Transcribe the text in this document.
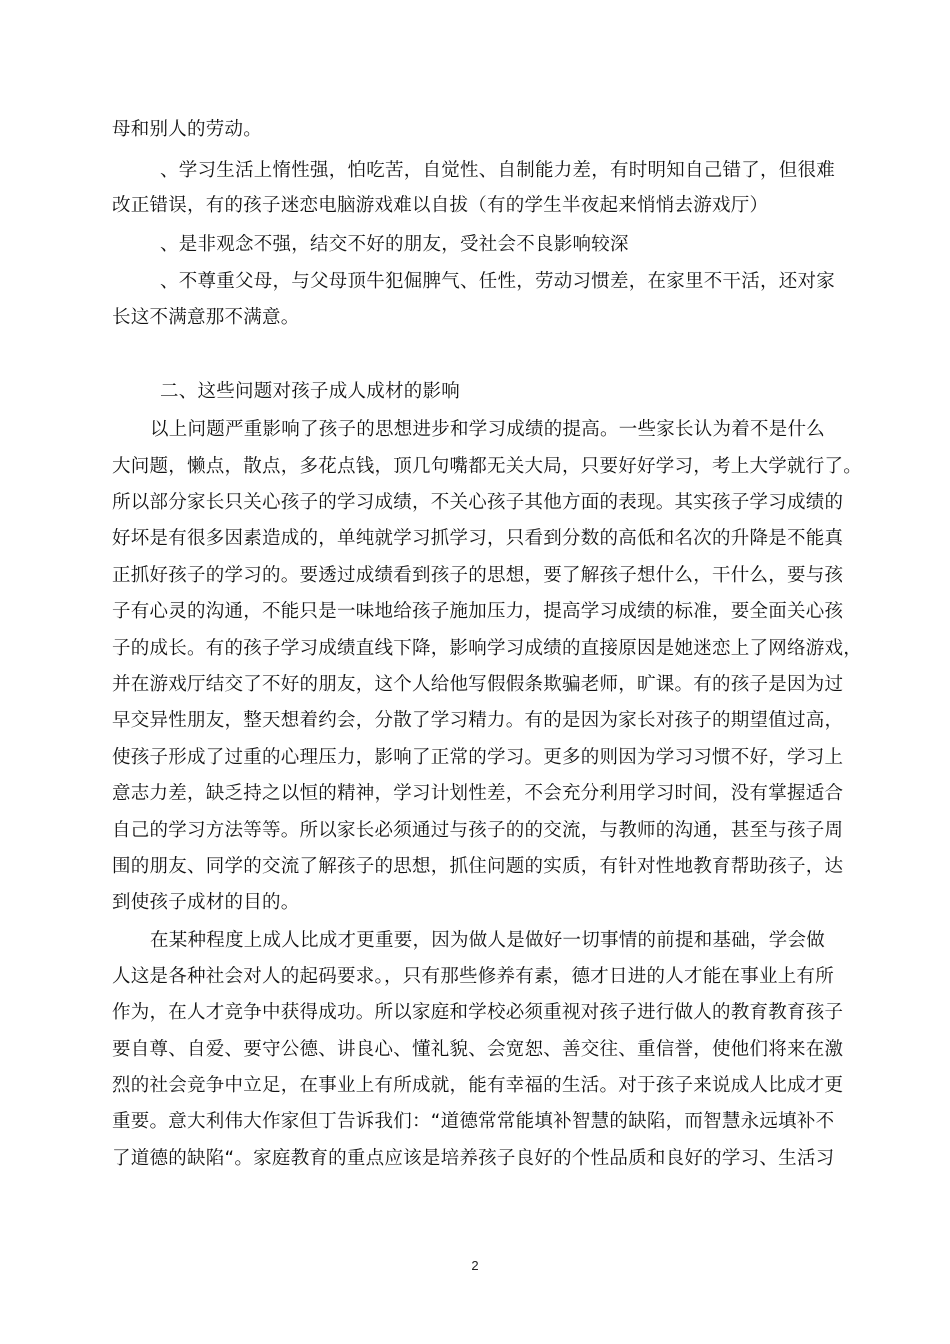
母和别人的劳动。
、学习生活上惰性强，怕吃苦，自觉性、自制能力差，有时明知自己错了，但很难
改正错误，有的孩子迷恋电脑游戏难以自拔（有的学生半夜起来悄悄去游戏厅）
、是非观念不强，结交不好的朋友，受社会不良影响较深
、不尊重父母，与父母顶牛犯倔脾气、任性，劳动习惯差，在家里不干活，还对家
长这不满意那不满意。
二、这些问题对孩子成人成材的影响
以上问题严重影响了孩子的思想进步和学习成绩的提高。一些家长认为着不是什么
大问题，懒点，散点，多花点钱，顶几句嘴都无关大局，只要好好学习，考上大学就行了。
所以部分家长只关心孩子的学习成绩，不关心孩子其他方面的表现。其实孩子学习成绩的
好坏是有很多因素造成的，单纯就学习抓学习，只看到分数的高低和名次的升降是不能真
正抓好孩子的学习的。要透过成绩看到孩子的思想，要了解孩子想什么，干什么，要与孩
子有心灵的沟通，不能只是一味地给孩子施加压力，提高学习成绩的标准，要全面关心孩
子的成长。有的孩子学习成绩直线下降，影响学习成绩的直接原因是她迷恋上了网络游戏，
并在游戏厅结交了不好的朋友，这个人给他写假假条欺骗老师，旷课。有的孩子是因为过
早交异性朋友，整天想着约会，分散了学习精力。有的是因为家长对孩子的期望值过高，
使孩子形成了过重的心理压力，影响了正常的学习。更多的则因为学习习惯不好，学习上
意志力差，缺乏持之以恒的精神，学习计划性差，不会充分利用学习时间，没有掌握适合
自己的学习方法等等。所以家长必须通过与孩子的的交流，与教师的沟通，甚至与孩子周
围的朋友、同学的交流了解孩子的思想，抓住问题的实质，有针对性地教育帮助孩子，达
到使孩子成材的目的。
在某种程度上成人比成才更重要，因为做人是做好一切事情的前提和基础，学会做
人这是各种社会对人的起码要求。，只有那些修养有素，德才日进的人才能在事业上有所
作为，在人才竞争中获得成功。所以家庭和学校必须重视对孩子进行做人的教育教育孩子
要自尊、自爱、要守公德、讲良心、懂礼貌、会宽恕、善交往、重信誉，使他们将来在激
烈的社会竞争中立足，在事业上有所成就，能有幸福的生活。对于孩子来说成人比成才更
重要。意大利伟大作家但丁告诉我们：“道德常常能填补智慧的缺陷，而智慧永远填补不
了道德的缺陷“。家庭教育的重点应该是培养孩子良好的个性品质和良好的学习、生活习
2
